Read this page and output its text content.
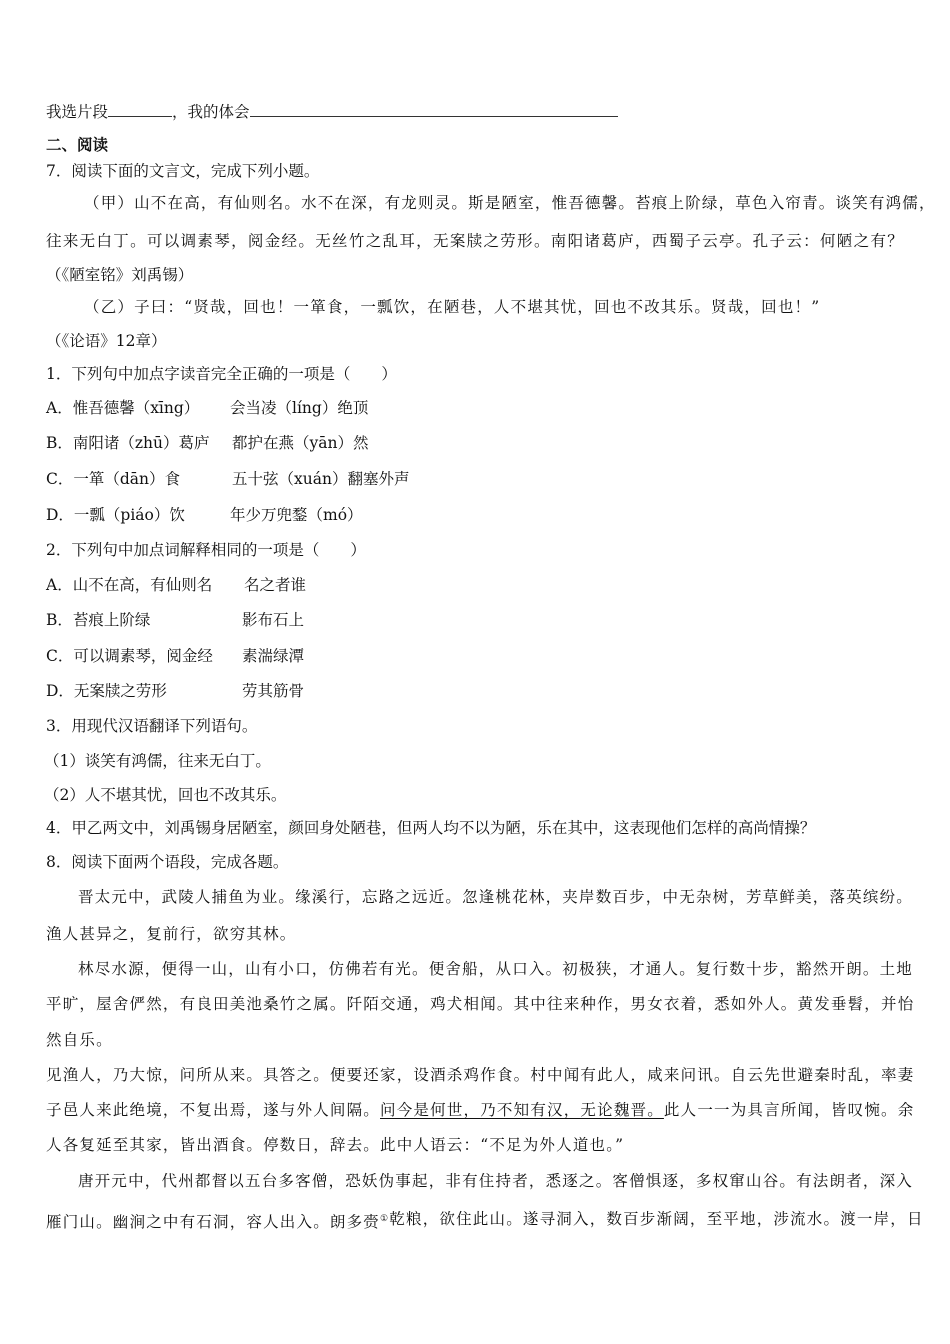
我选片段	，我的体会
二、阅读
7．阅读下面的文言文，完成下列小题。
（甲）山不在高，有仙则名。水不在深，有龙则灵。斯是陋室，惟吾德馨。苔痕上阶绿，草色入帘青。谈笑有鸿儒，
往来无白丁。可以调素琴，阅金经。无丝竹之乱耳，无案牍之劳形。南阳诸葛庐，西蜀子云亭。孔子云：何陋之有？
（《陋室铭》刘禹锡）
（乙）子曰：“贤哉，回也！一箪食，一瓢饮，在陋巷，人不堪其忧，回也不改其乐。贤哉，回也！”
（《论语》12章）
1．下列句中加点字读音完全正确的一项是（　　）
A．惟吾德馨（xīng） 会当凌（líng）绝顶
B．南阳诸（zhū）葛庐 都护在燕（yān）然
C．一箪（dān）食	五十弦（xuán）翻塞外声
D．一瓢（piáo）饮	年少万兜鍪（mó）
2．下列句中加点词解释相同的一项是（　　）
A．山不在高，有仙则名 名之者谁
B．苔痕上阶绿	影布石上
C．可以调素琴，阅金经 素湍绿潭
D．无案牍之劳形	劳其筋骨
3．用现代汉语翻译下列语句。
（1）谈笑有鸿儒，往来无白丁。
（2）人不堪其忧，回也不改其乐。
4．甲乙两文中，刘禹锡身居陋室，颜回身处陋巷，但两人均不以为陋，乐在其中，这表现他们怎样的高尚情操？
8．阅读下面两个语段，完成各题。
晋太元中，武陵人捕鱼为业。缘溪行，忘路之远近。忽逢桃花林，夹岸数百步，中无杂树，芳草鲜美，落英缤纷。
渔人甚异之，复前行，欲穷其林。
林尽水源，便得一山，山有小口，仿佛若有光。便舍船，从口入。初极狭，才通人。复行数十步，豁然开朗。土地
平旷，屋舍俨然，有良田美池桑竹之属。阡陌交通，鸡犬相闻。其中往来种作，男女衣着，悉如外人。黄发垂髫，并怡
然自乐。
见渔人，乃大惊，问所从来。具答之。便要还家，设酒杀鸡作食。村中闻有此人，咸来问讯。自云先世避秦时乱，率妻
子邑人来此绝境，不复出焉，遂与外人间隔。 问今是何世，乃不知有汉，无论魏晋。 此人一一为具言所闻，皆叹惋。余
人各复延至其家，皆出酒食。停数日，辞去。此中人语云：“不足为外人道也。”
唐开元中，代州都督以五台多客僧，恐妖伪事起，非有住持者，悉逐之。客僧惧逐，多权窜山谷。有法朗者，深入
雁门山。幽涧之中有石洞，容人出入。朗多赍① 乾粮，欲住此山。遂寻洞入，数百步渐阔，至平地，涉流水。渡一岸，日
